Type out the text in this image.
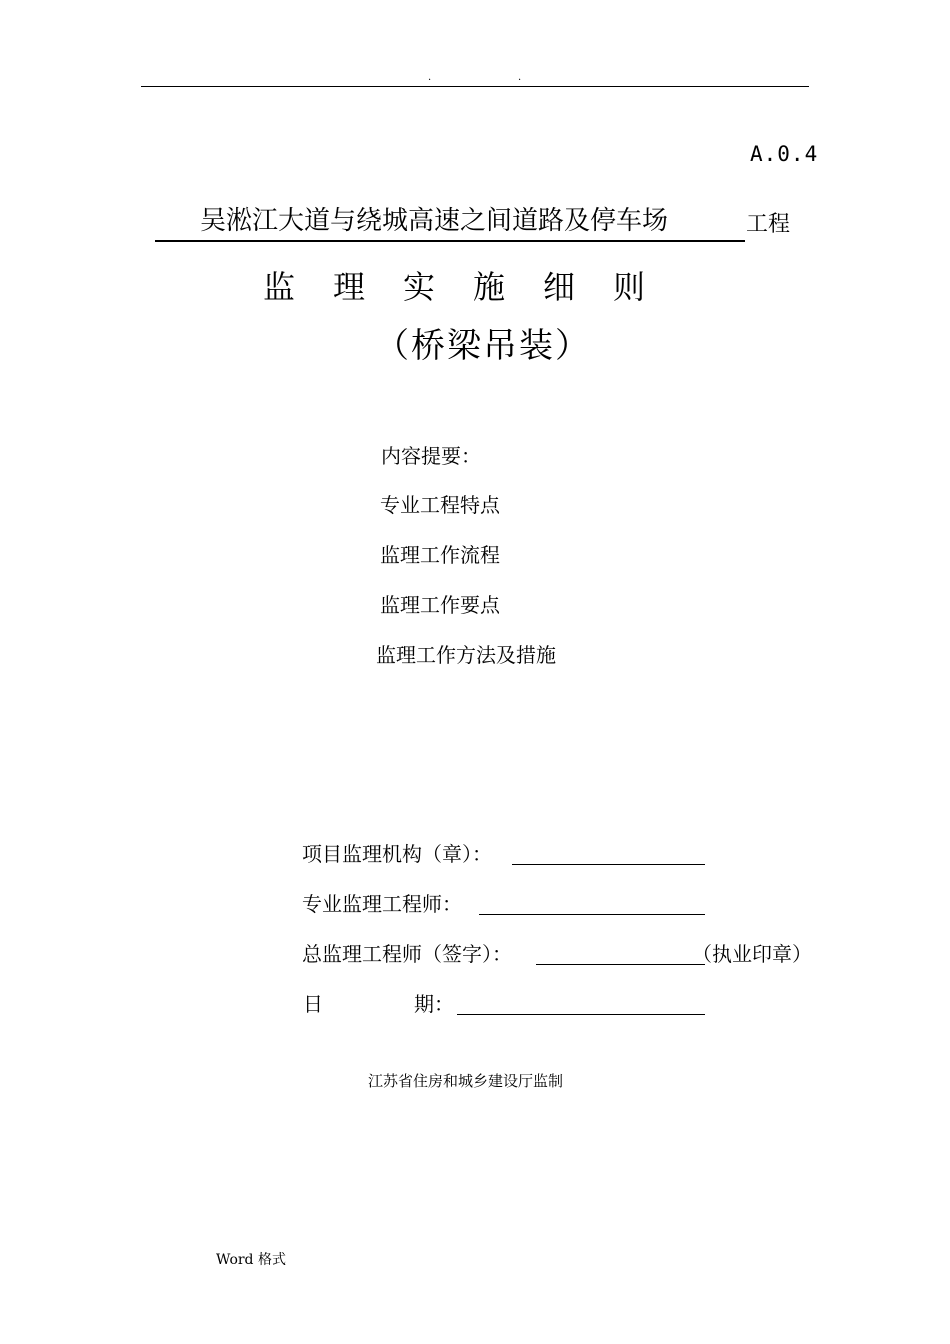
.	.
A.0.4
吴淞江大道与绕城高速之间道路及停车场	工程
监理实施细则
（桥梁吊装）
内容提要：
专业工程特点
监理工作流程
监理工作要点
监理工作方法及措施
项目监理机构（章）：
专业监理工程师：
总监理工程师（签字）：	（执业印章）
日	期：
江苏省住房和城乡建设厅监制
Word 格式
